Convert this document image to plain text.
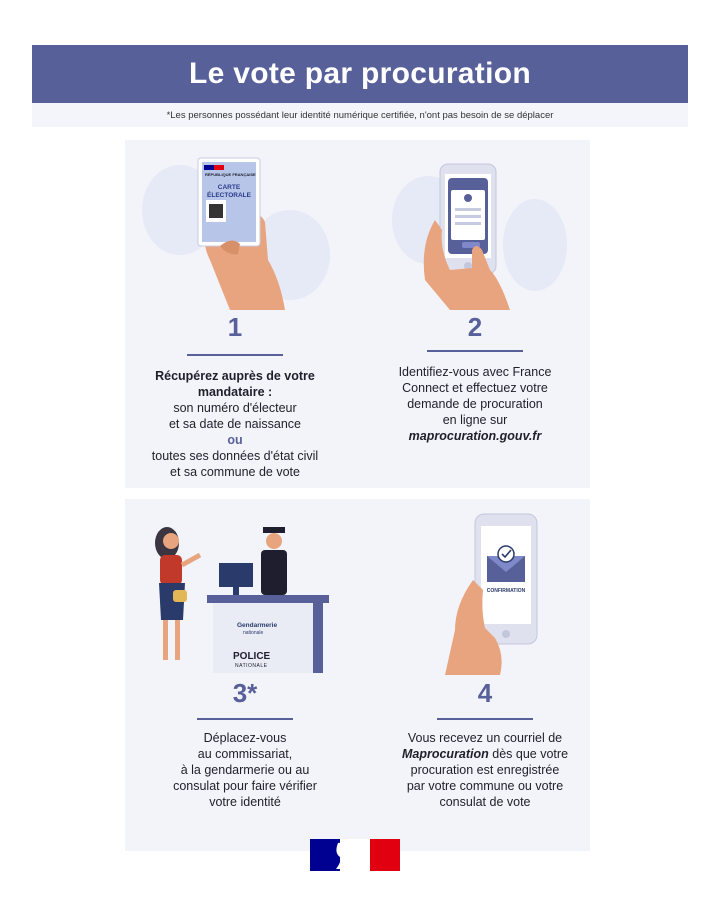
Le vote par procuration
*Les personnes possédant leur identité numérique certifiée, n'ont pas besoin de se déplacer
RÉPUBLIQUE FRANÇAISE
CARTE ÉLECTORALE
1
Récupérez auprès de votre
mandataire :
son numéro d'électeur
et sa date de naissance
ou
toutes ses données d'état civil
et sa commune de vote
2
Identifiez-vous avec France
Connect et effectuez votre
demande de procuration
en ligne sur
maprocuration.gouv.fr
Gendarmerie
nationale
POLICE
NATIONALE
3*
Déplacez-vous
au commissariat,
à la gendarmerie ou au
consulat pour faire vérifier
votre identité
CONFIRMATION
4
Vous recevez un courriel de
Maprocuration dès que votre
procuration est enregistrée
par votre commune ou votre
consulat de vote
